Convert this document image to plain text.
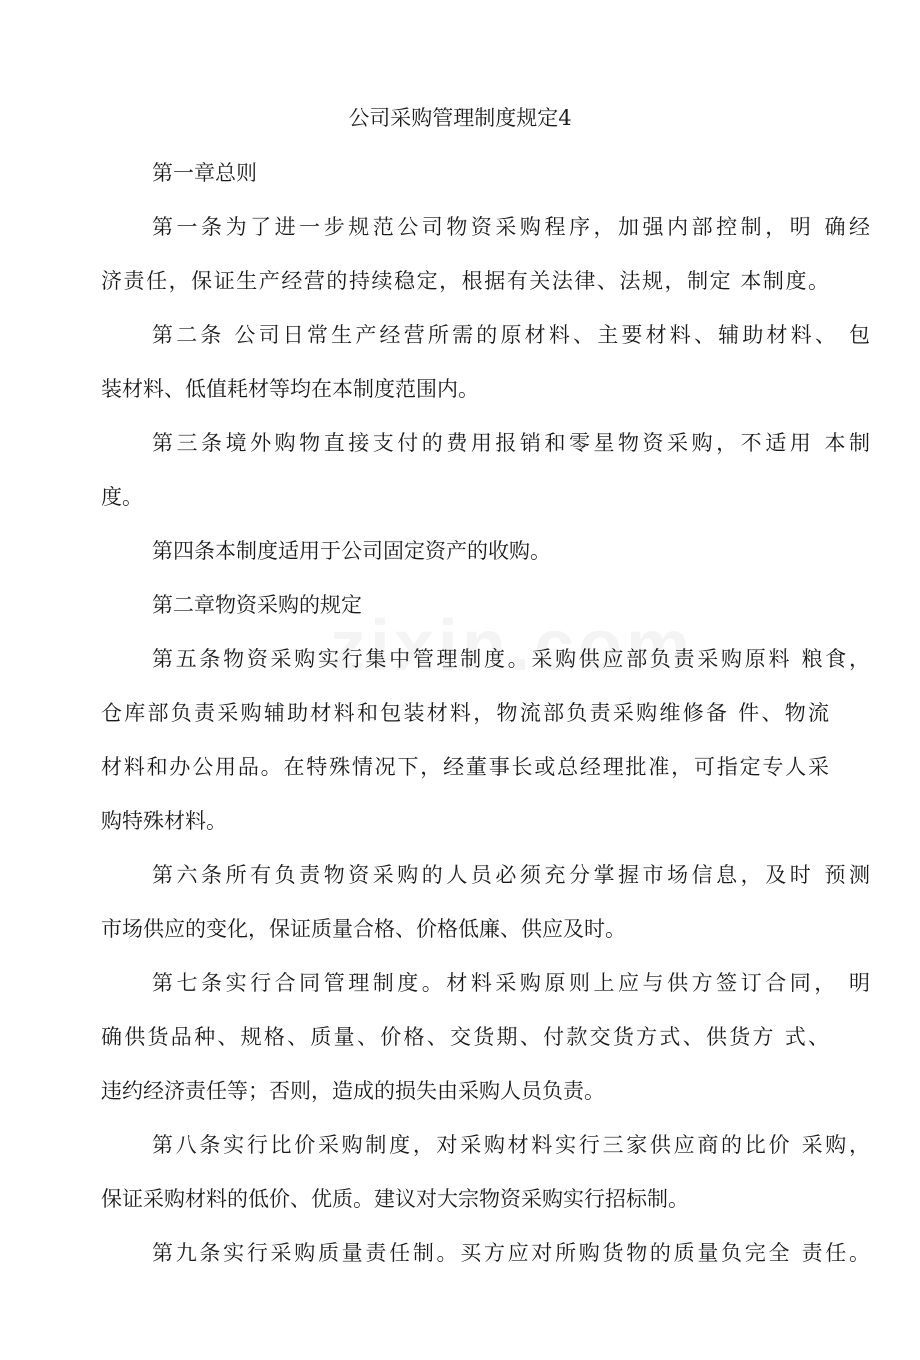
公司采购管理制度规定4
第一章总则
第一条为了进一步规范公司物资采购程序，加强内部控制，明 确经
济责任，保证生产经营的持续稳定，根据有关法律、法规，制定 本制度。
第二条 公司日常生产经营所需的原材料、主要材料、辅助材料、 包
装材料、低值耗材等均在本制度范围内。
第三条境外购物直接支付的费用报销和零星物资采购，不适用 本制
度。
第四条本制度适用于公司固定资产的收购。
第二章物资采购的规定
第五条物资采购实行集中管理制度。采购供应部负责采购原料 粮食，
仓库部负责采购辅助材料和包装材料，物流部负责采购维修备 件、物流
材料和办公用品。在特殊情况下，经董事长或总经理批准，可指定专人采
购特殊材料。
第六条所有负责物资采购的人员必须充分掌握市场信息，及时 预测
市场供应的变化，保证质量合格、价格低廉、供应及时。
第七条实行合同管理制度。材料采购原则上应与供方签订合同， 明
确供货品种、规格、质量、价格、交货期、付款交货方式、供货方 式、
违约经济责任等；否则，造成的损失由采购人员负责。
第八条实行比价采购制度，对采购材料实行三家供应商的比价 采购，
保证采购材料的低价、优质。建议对大宗物资采购实行招标制。
第九条实行采购质量责任制。买方应对所购货物的质量负完全 责任。
